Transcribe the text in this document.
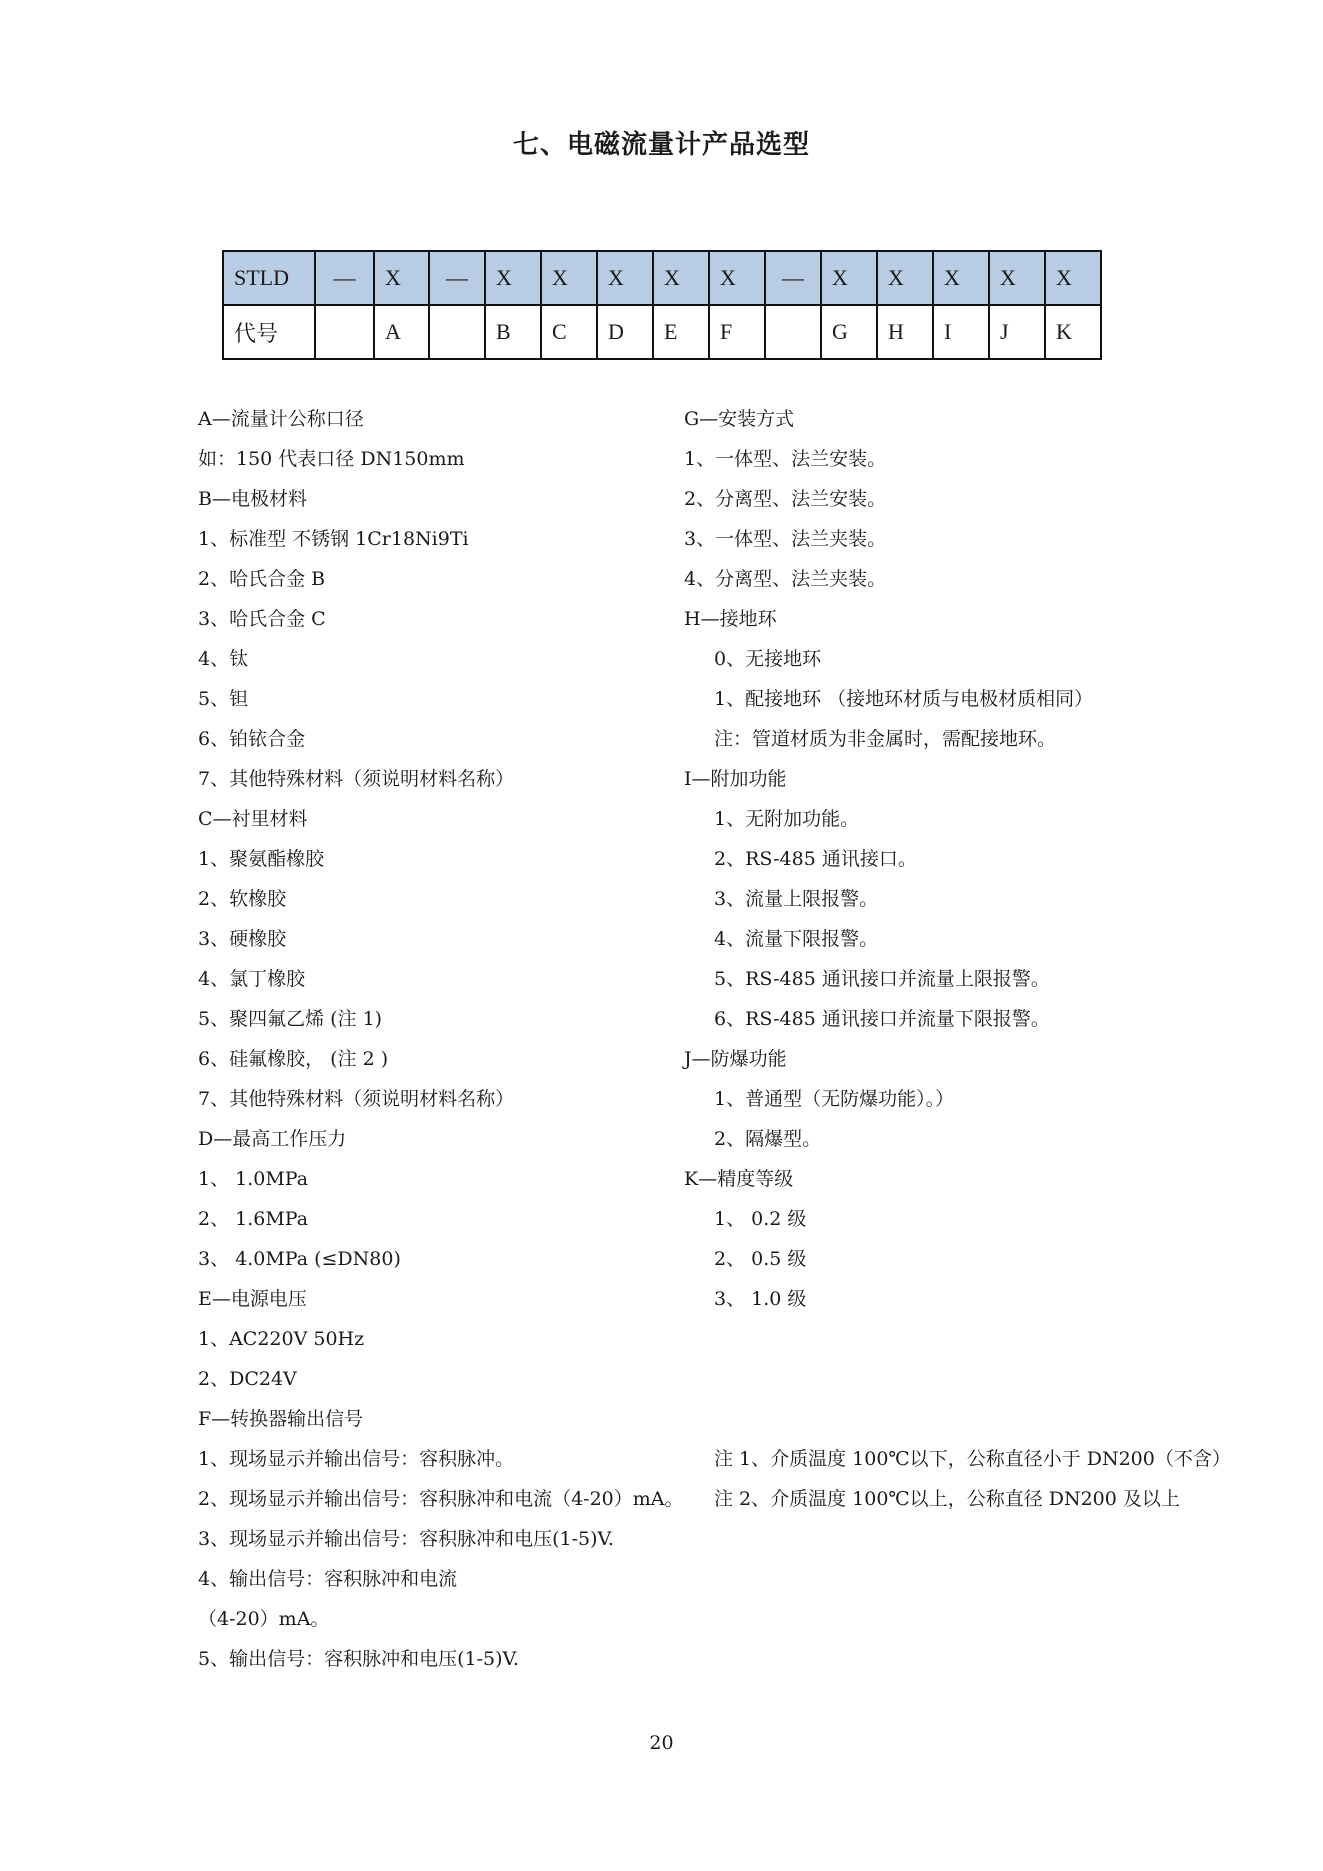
七、电磁流量计产品选型
STLD	—	X	—	X	X	X	X	X	—	X	X	X	X	X
代号		A		B	C	D	E	F		G	H	I	J	K
A—流量计公称口径
如：150 代表口径 DN150mm
B—电极材料
1、标准型 不锈钢 1Cr18Ni9Ti
2、哈氏合金 B
3、哈氏合金 C
4、钛
5、钽
6、铂铱合金
7、其他特殊材料（须说明材料名称）
C—衬里材料
1、聚氨酯橡胶
2、软橡胶
3、硬橡胶
4、氯丁橡胶
5、聚四氟乙烯 (注 1)
6、硅氟橡胶， (注 2 )
7、其他特殊材料（须说明材料名称）
D—最高工作压力
1、 1.0MPa
2、 1.6MPa
3、 4.0MPa (≤DN80)
E—电源电压
1、AC220V 50Hz
2、DC24V
F—转换器输出信号
1、现场显示并输出信号：容积脉冲。
2、现场显示并输出信号：容积脉冲和电流（4-20）mA。
3、现场显示并输出信号：容积脉冲和电压(1-5)V.
4、输出信号：容积脉冲和电流
（4-20）mA。
5、输出信号：容积脉冲和电压(1-5)V.
G—安装方式
1、一体型、法兰安装。
2、分离型、法兰安装。
3、一体型、法兰夹装。
4、分离型、法兰夹装。
H—接地环
0、无接地环
1、配接地环 （接地环材质与电极材质相同）
注：管道材质为非金属时，需配接地环。
I—附加功能
1、无附加功能。
2、RS-485 通讯接口。
3、流量上限报警。
4、流量下限报警。
5、RS-485 通讯接口并流量上限报警。
6、RS-485 通讯接口并流量下限报警。
J—防爆功能
1、普通型（无防爆功能）。）
2、隔爆型。
K—精度等级
1、 0.2 级
2、 0.5 级
3、 1.0 级
注 1、介质温度 100℃以下，公称直径小于 DN200（不含）
注 2、介质温度 100℃以上，公称直径 DN200 及以上
20
